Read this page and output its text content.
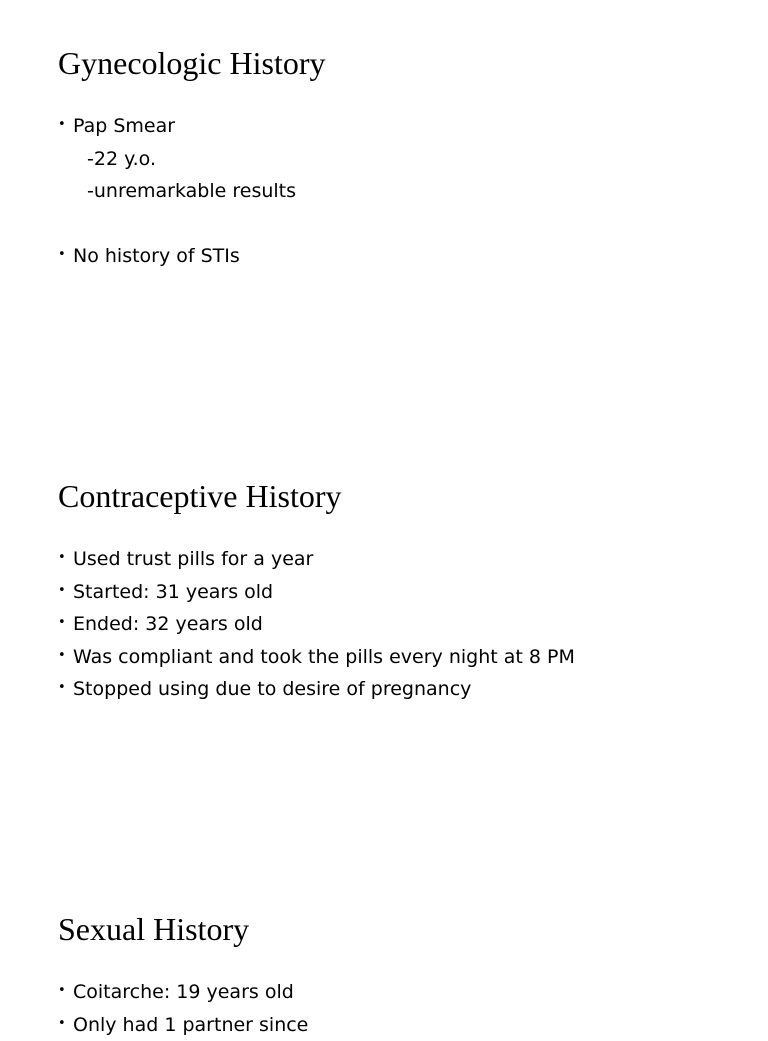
Gynecologic History
• Pap Smear
-22 y.o.
-unremarkable results
• No history of STIs
Contraceptive History
• Used trust pills for a year
• Started: 31 years old
• Ended: 32 years old
• Was compliant and took the pills every night at 8 PM
• Stopped using due to desire of pregnancy
Sexual History
• Coitarche: 19 years old
• Only had 1 partner since
